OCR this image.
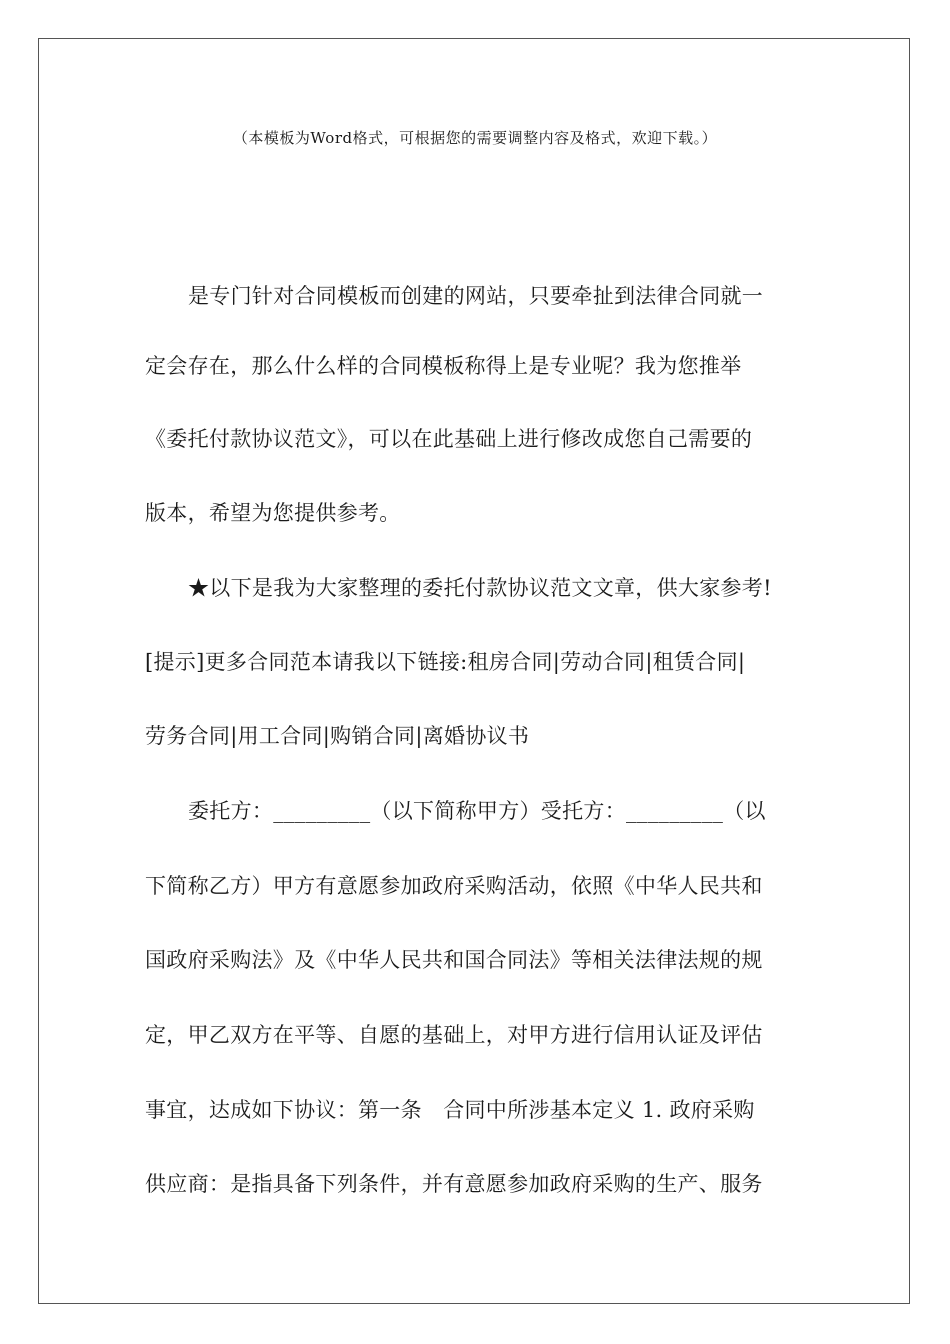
（本模板为Word格式，可根据您的需要调整内容及格式，欢迎下载。）
是专门针对合同模板而创建的网站，只要牵扯到法律合同就一
定会存在，那么什么样的合同模板称得上是专业呢？我为您推举
《委托付款协议范文》，可以在此基础上进行修改成您自己需要的
版本，希望为您提供参考。
★以下是我为大家整理的委托付款协议范文文章，供大家参考!
[提示]更多合同范本请我以下链接:租房合同|劳动合同|租赁合同|
劳务合同|用工合同|购销合同|离婚协议书
委托方：_________（以下简称甲方）受托方：_________（以
下简称乙方）甲方有意愿参加政府采购活动，依照《中华人民共和
国政府采购法》及《中华人民共和国合同法》等相关法律法规的规
定，甲乙双方在平等、自愿的基础上，对甲方进行信用认证及评估
事宜，达成如下协议：第一条　合同中所涉基本定义 1. 政府采购
供应商：是指具备下列条件，并有意愿参加政府采购的生产、服务
